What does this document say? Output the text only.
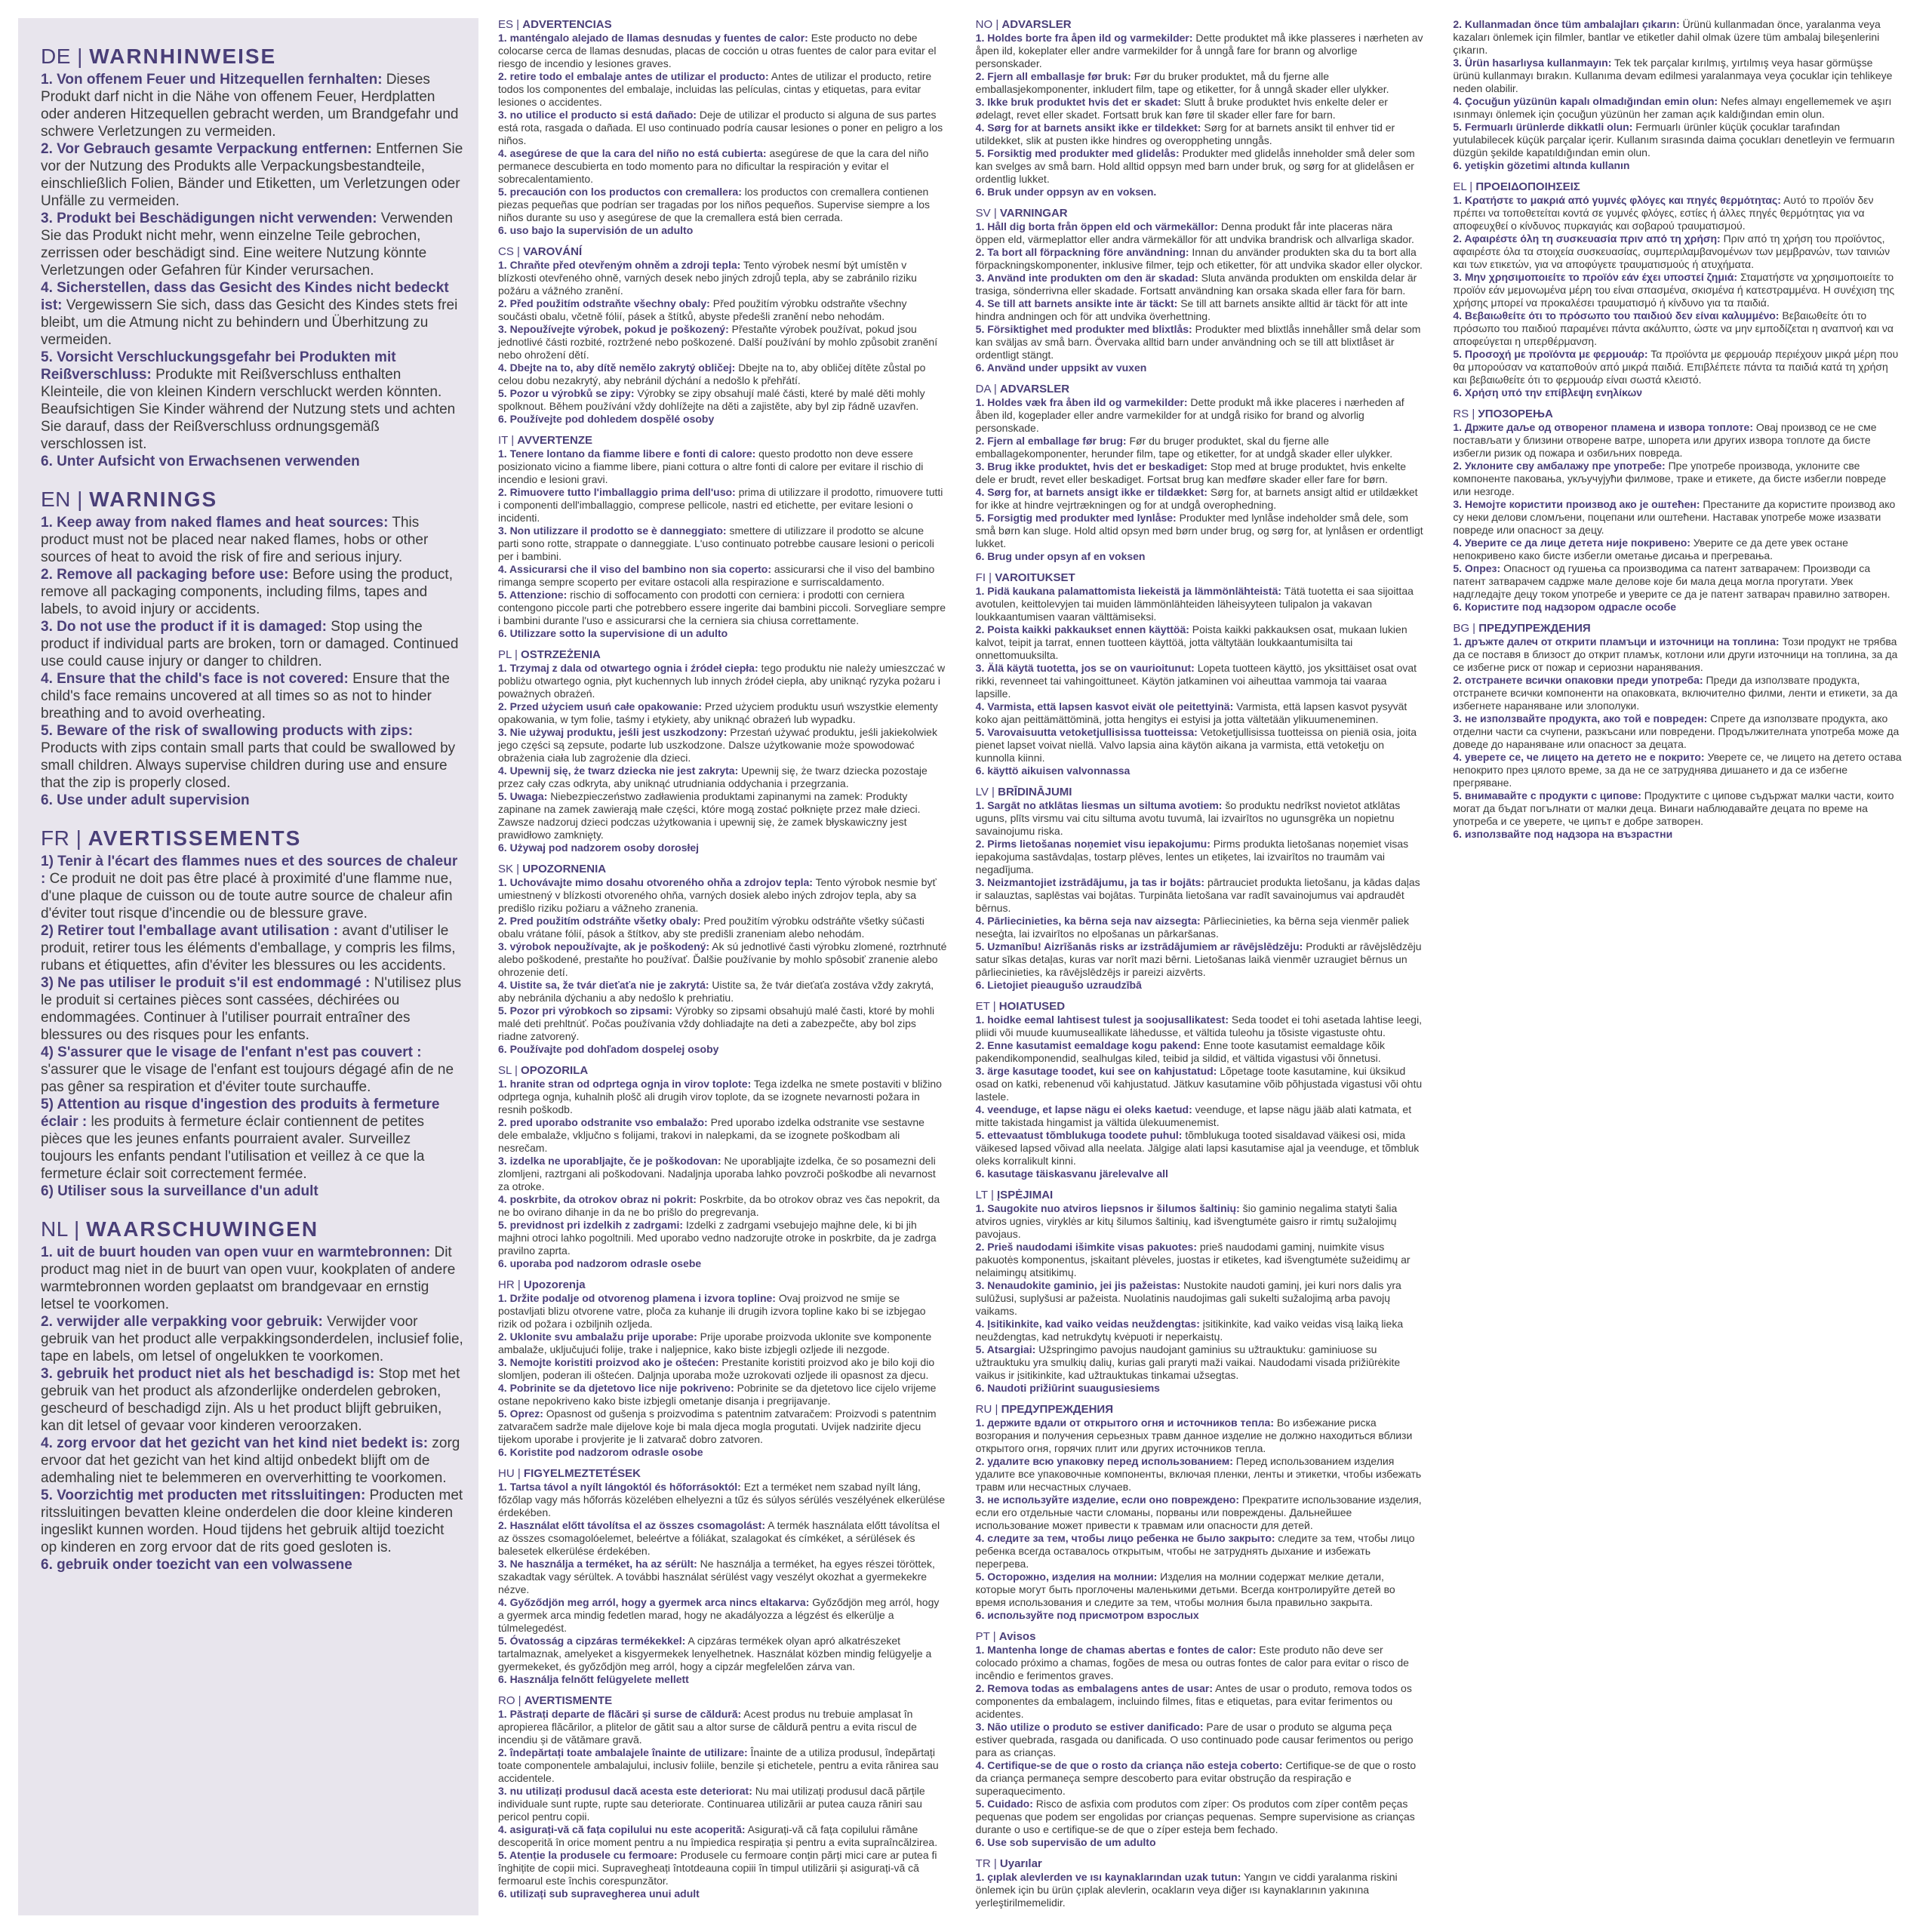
DE | WARNHINWEISE

1. Von offenem Feuer und Hitzequellen fernhalten: Dieses Produkt darf nicht in die Nähe von offenem Feuer, Herdplatten oder anderen Hitzequellen gebracht werden, um Brandgefahr und schwere Verletzungen zu vermeiden.

2. Vor Gebrauch gesamte Verpackung entfernen: Entfernen Sie vor der Nutzung des Produkts alle Verpackungsbestandteile, einschließlich Folien, Bänder und Etiketten, um Verletzungen oder Unfälle zu vermeiden.

3. Produkt bei Beschädigungen nicht verwenden: Verwenden Sie das Produkt nicht mehr, wenn einzelne Teile gebrochen, zerrissen oder beschädigt sind. Eine weitere Nutzung könnte Verletzungen oder Gefahren für Kinder verursachen.

4. Sicherstellen, dass das Gesicht des Kindes nicht bedeckt ist: Vergewissern Sie sich, dass das Gesicht des Kindes stets frei bleibt, um die Atmung nicht zu behindern und Überhitzung zu vermeiden.

5. Vorsicht Verschluckungsgefahr bei Produkten mit Reißverschluss: Produkte mit Reißverschluss enthalten Kleinteile, die von kleinen Kindern verschluckt werden könnten. Beaufsichtigen Sie Kinder während der Nutzung stets und achten Sie darauf, dass der Reißverschluss ordnungsgemäß verschlossen ist.

6. Unter Aufsicht von Erwachsenen verwenden

EN | WARNINGS

1. Keep away from naked flames and heat sources: This product must not be placed near naked flames, hobs or other sources of heat to avoid the risk of fire and serious injury.

2. Remove all packaging before use: Before using the product, remove all packaging components, including films, tapes and labels, to avoid injury or accidents.

3. Do not use the product if it is damaged: Stop using the product if individual parts are broken, torn or damaged. Continued use could cause injury or danger to children.

4. Ensure that the child's face is not covered: Ensure that the child's face remains uncovered at all times so as not to hinder breathing and to avoid overheating.

5. Beware of the risk of swallowing products with zips: Products with zips contain small parts that could be swallowed by small children. Always supervise children during use and ensure that the zip is properly closed.

6. Use under adult supervision

FR | AVERTISSEMENTS

1) Tenir à l'écart des flammes nues et des sources de chaleur : Ce produit ne doit pas être placé à proximité d'une flamme nue, d'une plaque de cuisson ou de toute autre source de chaleur afin d'éviter tout risque d'incendie ou de blessure grave.

2) Retirer tout l'emballage avant utilisation : avant d'utiliser le produit, retirer tous les éléments d'emballage, y compris les films, rubans et étiquettes, afin d'éviter les blessures ou les accidents.

3) Ne pas utiliser le produit s'il est endommagé : N'utilisez plus le produit si certaines pièces sont cassées, déchirées ou endommagées. Continuer à l'utiliser pourrait entraîner des blessures ou des risques pour les enfants.

4) S'assurer que le visage de l'enfant n'est pas couvert : s'assurer que le visage de l'enfant est toujours dégagé afin de ne pas gêner sa respiration et d'éviter toute surchauffe.

5) Attention au risque d'ingestion des produits à fermeture éclair : les produits à fermeture éclair contiennent de petites pièces que les jeunes enfants pourraient avaler. Surveillez toujours les enfants pendant l'utilisation et veillez à ce que la fermeture éclair soit correctement fermée.

6) Utiliser sous la surveillance d'un adult

NL | WAARSCHUWINGEN

1. uit de buurt houden van open vuur en warmtebronnen: Dit product mag niet in de buurt van open vuur, kookplaten of andere warmtebronnen worden geplaatst om brandgevaar en ernstig letsel te voorkomen.

2. verwijder alle verpakking voor gebruik: Verwijder voor gebruik van het product alle verpakkingsonderdelen, inclusief folie, tape en labels, om letsel of ongelukken te voorkomen.

3. gebruik het product niet als het beschadigd is: Stop met het gebruik van het product als afzonderlijke onderdelen gebroken, gescheurd of beschadigd zijn. Als u het product blijft gebruiken, kan dit letsel of gevaar voor kinderen veroorzaken.

4. zorg ervoor dat het gezicht van het kind niet bedekt is: zorg ervoor dat het gezicht van het kind altijd onbedekt blijft om de ademhaling niet te belemmeren en oververhitting te voorkomen.

5. Voorzichtig met producten met ritssluitingen: Producten met ritssluitingen bevatten kleine onderdelen die door kleine kinderen ingeslikt kunnen worden. Houd tijdens het gebruik altijd toezicht op kinderen en zorg ervoor dat de rits goed gesloten is.

6. gebruik onder toezicht van een volwassene

ES | ADVERTENCIAS

1. manténgalo alejado de llamas desnudas y fuentes de calor: Este producto no debe colocarse cerca de llamas desnudas, placas de cocción u otras fuentes de calor para evitar el riesgo de incendio y lesiones graves.

2. retire todo el embalaje antes de utilizar el producto: Antes de utilizar el producto, retire todos los componentes del embalaje, incluidas las películas, cintas y etiquetas, para evitar lesiones o accidentes.

3. no utilice el producto si está dañado: Deje de utilizar el producto si alguna de sus partes está rota, rasgada o dañada. El uso continuado podría causar lesiones o poner en peligro a los niños.

4. asegúrese de que la cara del niño no está cubierta: asegúrese de que la cara del niño permanece descubierta en todo momento para no dificultar la respiración y evitar el sobrecalentamiento.

5. precaución con los productos con cremallera: los productos con cremallera contienen piezas pequeñas que podrían ser tragadas por los niños pequeños. Supervise siempre a los niños durante su uso y asegúrese de que la cremallera está bien cerrada.

6. uso bajo la supervisión de un adulto

CS | VAROVÁNÍ

1. Chraňte před otevřeným ohněm a zdroji tepla: Tento výrobek nesmí být umístěn v blízkosti otevřeného ohně, varných desek nebo jiných zdrojů tepla, aby se zabránilo riziku požáru a vážného zranění.

2. Před použitím odstraňte všechny obaly: Před použitím výrobku odstraňte všechny součásti obalu, včetně fólií, pásek a štítků, abyste předešli zranění nebo nehodám.

3. Nepoužívejte výrobek, pokud je poškozený: Přestaňte výrobek používat, pokud jsou jednotlivé části rozbité, roztržené nebo poškozené. Další používání by mohlo způsobit zranění nebo ohrožení dětí.

4. Dbejte na to, aby dítě nemělo zakrytý obličej: Dbejte na to, aby obličej dítěte zůstal po celou dobu nezakrytý, aby nebránil dýchání a nedošlo k přehřátí.

5. Pozor u výrobků se zipy: Výrobky se zipy obsahují malé části, které by malé děti mohly spolknout. Během používání vždy dohlížejte na děti a zajistěte, aby byl zip řádně uzavřen.

6. Používejte pod dohledem dospělé osoby

IT | AVVERTENZE

1. Tenere lontano da fiamme libere e fonti di calore: questo prodotto non deve essere posizionato vicino a fiamme libere, piani cottura o altre fonti di calore per evitare il rischio di incendio e lesioni gravi.

2. Rimuovere tutto l'imballaggio prima dell'uso: prima di utilizzare il prodotto, rimuovere tutti i componenti dell'imballaggio, comprese pellicole, nastri ed etichette, per evitare lesioni o incidenti.

3. Non utilizzare il prodotto se è danneggiato: smettere di utilizzare il prodotto se alcune parti sono rotte, strappate o danneggiate. L'uso continuato potrebbe causare lesioni o pericoli per i bambini.

4. Assicurarsi che il viso del bambino non sia coperto: assicurarsi che il viso del bambino rimanga sempre scoperto per evitare ostacoli alla respirazione e surriscaldamento.

5. Attenzione: rischio di soffocamento con prodotti con cerniera: i prodotti con cerniera contengono piccole parti che potrebbero essere ingerite dai bambini piccoli. Sorvegliare sempre i bambini durante l'uso e assicurarsi che la cerniera sia chiusa correttamente.

6. Utilizzare sotto la supervisione di un adulto

PL | OSTRZEŻENIA

1. Trzymaj z dala od otwartego ognia i źródeł ciepła: tego produktu nie należy umieszczać w pobliżu otwartego ognia, płyt kuchennych lub innych źródeł ciepła, aby uniknąć ryzyka pożaru i poważnych obrażeń.

2. Przed użyciem usuń całe opakowanie: Przed użyciem produktu usuń wszystkie elementy opakowania, w tym folie, taśmy i etykiety, aby uniknąć obrażeń lub wypadku.

3. Nie używaj produktu, jeśli jest uszkodzony: Przestań używać produktu, jeśli jakiekolwiek jego części są zepsute, podarte lub uszkodzone. Dalsze użytkowanie może spowodować obrażenia ciała lub zagrożenie dla dzieci.

4. Upewnij się, że twarz dziecka nie jest zakryta: Upewnij się, że twarz dziecka pozostaje przez cały czas odkryta, aby uniknąć utrudniania oddychania i przegrzania.

5. Uwaga: Niebezpieczeństwo zadławienia produktami zapinanymi na zamek: Produkty zapinane na zamek zawierają małe części, które mogą zostać połknięte przez małe dzieci. Zawsze nadzoruj dzieci podczas użytkowania i upewnij się, że zamek błyskawiczny jest prawidłowo zamknięty.

6. Używaj pod nadzorem osoby dorosłej

SK | UPOZORNENIA

1. Uchovávajte mimo dosahu otvoreného ohňa a zdrojov tepla: Tento výrobok nesmie byť umiestnený v blízkosti otvoreného ohňa, varných dosiek alebo iných zdrojov tepla, aby sa predišlo riziku požiaru a vážneho zranenia.

2. Pred použitím odstráňte všetky obaly: Pred použitím výrobku odstráňte všetky súčasti obalu vrátane fólií, pások a štítkov, aby ste predišli zraneniam alebo nehodám.

3. výrobok nepoužívajte, ak je poškodený: Ak sú jednotlivé časti výrobku zlomené, roztrhnuté alebo poškodené, prestaňte ho používať. Ďalšie používanie by mohlo spôsobiť zranenie alebo ohrozenie detí.

4. Uistite sa, že tvár dieťaťa nie je zakrytá: Uistite sa, že tvár dieťaťa zostáva vždy zakrytá, aby nebránila dýchaniu a aby nedošlo k prehriatiu.

5. Pozor pri výrobkoch so zipsami: Výrobky so zipsami obsahujú malé časti, ktoré by mohli malé deti prehltnúť. Počas používania vždy dohliadajte na deti a zabezpečte, aby bol zips riadne zatvorený.

6. Používajte pod dohľadom dospelej osoby

SL | OPOZORILA

1. hranite stran od odprtega ognja in virov toplote: Tega izdelka ne smete postaviti v bližino odprtega ognja, kuhalnih plošč ali drugih virov toplote, da se izognete nevarnosti požara in resnih poškodb.

2. pred uporabo odstranite vso embalažo: Pred uporabo izdelka odstranite vse sestavne dele embalaže, vključno s folijami, trakovi in nalepkami, da se izognete poškodbam ali nesrečam.

3. izdelka ne uporabljajte, če je poškodovan: Ne uporabljajte izdelka, če so posamezni deli zlomljeni, raztrgani ali poškodovani. Nadaljnja uporaba lahko povzroči poškodbe ali nevarnost za otroke.

4. poskrbite, da otrokov obraz ni pokrit: Poskrbite, da bo otrokov obraz ves čas nepokrit, da ne bo ovirano dihanje in da ne bo prišlo do pregrevanja.

5. previdnost pri izdelkih z zadrgami: Izdelki z zadrgami vsebujejo majhne dele, ki bi jih majhni otroci lahko pogoltnili. Med uporabo vedno nadzorujte otroke in poskrbite, da je zadrga pravilno zaprta.

6. uporaba pod nadzorom odrasle osebe

HR | Upozorenja

1. Držite podalje od otvorenog plamena i izvora topline: Ovaj proizvod ne smije se postavljati blizu otvorene vatre, ploča za kuhanje ili drugih izvora topline kako bi se izbjegao rizik od požara i ozbiljnih ozljeda.

2. Uklonite svu ambalažu prije uporabe: Prije uporabe proizvoda uklonite sve komponente ambalaže, uključujući folije, trake i naljepnice, kako biste izbjegli ozljede ili nezgode.

3. Nemojte koristiti proizvod ako je oštećen: Prestanite koristiti proizvod ako je bilo koji dio slomljen, poderan ili oštećen. Daljnja uporaba može uzrokovati ozljede ili opasnost za djecu.

4. Pobrinite se da djetetovo lice nije pokriveno: Pobrinite se da djetetovo lice cijelo vrijeme ostane nepokriveno kako biste izbjegli ometanje disanja i pregrijavanje.

5. Oprez: Opasnost od gušenja s proizvodima s patentnim zatvaračem: Proizvodi s patentnim zatvaračem sadrže male dijelove koje bi mala djeca mogla progutati. Uvijek nadzirite djecu tijekom uporabe i provjerite je li zatvarač dobro zatvoren.

6. Koristite pod nadzorom odrasle osobe

HU | FIGYELMEZTETÉSEK

1. Tartsa távol a nyílt lángoktól és hőforrásoktól: Ezt a terméket nem szabad nyílt láng, főzőlap vagy más hőforrás közelében elhelyezni a tűz és súlyos sérülés veszélyének elkerülése érdekében.

2. Használat előtt távolítsa el az összes csomagolást: A termék használata előtt távolítsa el az összes csomagolóelemet, beleértve a fóliákat, szalagokat és címkéket, a sérülések és balesetek elkerülése érdekében.

3. Ne használja a terméket, ha az sérült: Ne használja a terméket, ha egyes részei töröttek, szakadtak vagy sérültek. A további használat sérülést vagy veszélyt okozhat a gyermekekre nézve.

4. Győződjön meg arról, hogy a gyermek arca nincs eltakarva: Győződjön meg arról, hogy a gyermek arca mindig fedetlen marad, hogy ne akadályozza a légzést és elkerülje a túlmelegedést.

5. Óvatosság a cipzáras termékekkel: A cipzáras termékek olyan apró alkatrészeket tartalmaznak, amelyeket a kisgyermekek lenyelhetnek. Használat közben mindig felügyelje a gyermekeket, és győződjön meg arról, hogy a cipzár megfelelően zárva van.

6. Használja felnőtt felügyelete mellett

RO | AVERTISMENTE

1. Păstrați departe de flăcări și surse de căldură: Acest produs nu trebuie amplasat în apropierea flăcărilor, a plitelor de gătit sau a altor surse de căldură pentru a evita riscul de incendiu și de vătămare gravă.

2. îndepărtați toate ambalajele înainte de utilizare: Înainte de a utiliza produsul, îndepărtați toate componentele ambalajului, inclusiv foliile, benzile și etichetele, pentru a evita rănirea sau accidentele.

3. nu utilizați produsul dacă acesta este deteriorat: Nu mai utilizați produsul dacă părțile individuale sunt rupte, rupte sau deteriorate. Continuarea utilizării ar putea cauza răniri sau pericol pentru copii.

4. asigurați-vă că fața copilului nu este acoperită: Asigurați-vă că fața copilului rămâne descoperită în orice moment pentru a nu împiedica respirația și pentru a evita supraîncălzirea.

5. Atenție la produsele cu fermoare: Produsele cu fermoare conțin părți mici care ar putea fi înghițite de copii mici. Supravegheați întotdeauna copiii în timpul utilizării și asigurați-vă că fermoarul este închis corespunzător.

6. utilizați sub supravegherea unui adult

NO | ADVARSLER

1. Holdes borte fra åpen ild og varmekilder: Dette produktet må ikke plasseres i nærheten av åpen ild, kokeplater eller andre varmekilder for å unngå fare for brann og alvorlige personskader.

2. Fjern all emballasje før bruk: Før du bruker produktet, må du fjerne alle emballasjekomponenter, inkludert film, tape og etiketter, for å unngå skader eller ulykker.

3. Ikke bruk produktet hvis det er skadet: Slutt å bruke produktet hvis enkelte deler er ødelagt, revet eller skadet. Fortsatt bruk kan føre til skader eller fare for barn.

4. Sørg for at barnets ansikt ikke er tildekket: Sørg for at barnets ansikt til enhver tid er utildekket, slik at pusten ikke hindres og overoppheting unngås.

5. Forsiktig med produkter med glidelås: Produkter med glidelås inneholder små deler som kan svelges av små barn. Hold alltid oppsyn med barn under bruk, og sørg for at glidelåsen er ordentlig lukket.

6. Bruk under oppsyn av en voksen.

SV | VARNINGAR

1. Håll dig borta från öppen eld och värmekällor: Denna produkt får inte placeras nära öppen eld, värmeplattor eller andra värmekällor för att undvika brandrisk och allvarliga skador.

2. Ta bort all förpackning före användning: Innan du använder produkten ska du ta bort alla förpackningskomponenter, inklusive filmer, tejp och etiketter, för att undvika skador eller olyckor.

3. Använd inte produkten om den är skadad: Sluta använda produkten om enskilda delar är trasiga, sönderrivna eller skadade. Fortsatt användning kan orsaka skada eller fara för barn.

4. Se till att barnets ansikte inte är täckt: Se till att barnets ansikte alltid är täckt för att inte hindra andningen och för att undvika överhettning.

5. Försiktighet med produkter med blixtlås: Produkter med blixtlås innehåller små delar som kan sväljas av små barn. Övervaka alltid barn under användning och se till att blixtlåset är ordentligt stängt.

6. Använd under uppsikt av vuxen

DA | ADVARSLER

1. Holdes væk fra åben ild og varmekilder: Dette produkt må ikke placeres i nærheden af åben ild, kogeplader eller andre varmekilder for at undgå risiko for brand og alvorlig personskade.

2. Fjern al emballage før brug: Før du bruger produktet, skal du fjerne alle emballagekomponenter, herunder film, tape og etiketter, for at undgå skader eller ulykker.

3. Brug ikke produktet, hvis det er beskadiget: Stop med at bruge produktet, hvis enkelte dele er brudt, revet eller beskadiget. Fortsat brug kan medføre skader eller fare for børn.

4. Sørg for, at barnets ansigt ikke er tildækket: Sørg for, at barnets ansigt altid er utildækket for ikke at hindre vejrtrækningen og for at undgå overophedning.

5. Forsigtig med produkter med lynlåse: Produkter med lynlåse indeholder små dele, som små børn kan sluge. Hold altid opsyn med børn under brug, og sørg for, at lynlåsen er ordentligt lukket.

6. Brug under opsyn af en voksen

FI | VAROITUKSET

1. Pidä kaukana palamattomista liekeistä ja lämmönlähteistä: Tätä tuotetta ei saa sijoittaa avotulen, keittolevyjen tai muiden lämmönlähteiden läheisyyteen tulipalon ja vakavan loukkaantumisen vaaran välttämiseksi.

2. Poista kaikki pakkaukset ennen käyttöä: Poista kaikki pakkauksen osat, mukaan lukien kalvot, teipit ja tarrat, ennen tuotteen käyttöä, jotta vältytään loukkaantumisilta tai onnettomuuksilta.

3. Älä käytä tuotetta, jos se on vaurioitunut: Lopeta tuotteen käyttö, jos yksittäiset osat ovat rikki, revenneet tai vahingoittuneet. Käytön jatkaminen voi aiheuttaa vammoja tai vaaraa lapsille.

4. Varmista, että lapsen kasvot eivät ole peitettyinä: Varmista, että lapsen kasvot pysyvät koko ajan peittämättöminä, jotta hengitys ei estyisi ja jotta vältetään ylikuumeneminen.

5. Varovaisuutta vetoketjullisissa tuotteissa: Vetoketjullisissa tuotteissa on pieniä osia, joita pienet lapset voivat niellä. Valvo lapsia aina käytön aikana ja varmista, että vetoketju on kunnolla kiinni.

6. käyttö aikuisen valvonnassa

LV | BRĪDINĀJUMI

1. Sargāt no atklātas liesmas un siltuma avotiem: šo produktu nedrīkst novietot atklātas uguns, plīts virsmu vai citu siltuma avotu tuvumā, lai izvairītos no ugunsgrēka un nopietnu savainojumu riska.

2. Pirms lietošanas noņemiet visu iepakojumu: Pirms produkta lietošanas noņemiet visas iepakojuma sastāvdaļas, tostarp plēves, lentes un etiķetes, lai izvairītos no traumām vai negadījuma.

3. Neizmantojiet izstrādājumu, ja tas ir bojāts: pārtrauciet produkta lietošanu, ja kādas daļas ir salauztas, saplēstas vai bojātas. Turpināta lietošana var radīt savainojumus vai apdraudēt bērnus.

4. Pārliecinieties, ka bērna seja nav aizsegta: Pārliecinieties, ka bērna seja vienmēr paliek neseģta, lai izvairītos no elpošanas un pārkaršanas.

5. Uzmanību! Aizrīšanās risks ar izstrādājumiem ar rāvējslēdzēju: Produkti ar rāvējslēdzēju satur sīkas detaļas, kuras var norīt mazi bērni. Lietošanas laikā vienmēr uzraugiet bērnus un pārliecinieties, ka rāvējslēdzējs ir pareizi aizvērts.

6. Lietojiet pieaugušo uzraudzībā

ET | HOIATUSED

1. hoidke eemal lahtisest tulest ja soojusallikatest: Seda toodet ei tohi asetada lahtise leegi, pliidi või muude kuumuseallikate lähedusse, et vältida tuleohu ja tõsiste vigastuste ohtu.

2. Enne kasutamist eemaldage kogu pakend: Enne toote kasutamist eemaldage kõik pakendikomponendid, sealhulgas kiled, teibid ja sildid, et vältida vigastusi või õnnetusi.

3. ärge kasutage toodet, kui see on kahjustatud: Lõpetage toote kasutamine, kui üksikud osad on katki, rebenenud või kahjustatud. Jätkuv kasutamine võib põhjustada vigastusi või ohtu lastele.

4. veenduge, et lapse nägu ei oleks kaetud: veenduge, et lapse nägu jääb alati katmata, et mitte takistada hingamist ja vältida ülekuumenemist.

5. ettevaatust tõmblukuga toodete puhul: tõmblukuga tooted sisaldavad väikesi osi, mida väikesed lapsed võivad alla neelata. Jälgige alati lapsi kasutamise ajal ja veenduge, et tõmbluk oleks korralikult kinni.

6. kasutage täiskasvanu järelevalve all

LT | ĮSPĖJIMAI

1. Saugokite nuo atviros liepsnos ir šilumos šaltinių: šio gaminio negalima statyti šalia atviros ugnies, viryklės ar kitų šilumos šaltinių, kad išvengtumėte gaisro ir rimtų sužalojimų pavojaus.

2. Prieš naudodami išimkite visas pakuotes: prieš naudodami gaminį, nuimkite visus pakuotės komponentus, įskaitant plėveles, juostas ir etiketes, kad išvengtumėte sužeidimų ar nelaimingų atsitikimų.

3. Nenaudokite gaminio, jei jis pažeistas: Nustokite naudoti gaminį, jei kuri nors dalis yra sulūžusi, suplyšusi ar pažeista. Nuolatinis naudojimas gali sukelti sužalojimą arba pavojų vaikams.

4. Įsitikinkite, kad vaiko veidas neuždengtas: įsitikinkite, kad vaiko veidas visą laiką lieka neuždengtas, kad netrukdytų kvėpuoti ir neperkaistų.

5. Atsargiai: Užspringimo pavojus naudojant gaminius su užtrauktuku: gaminiuose su užtrauktuku yra smulkių dalių, kurias gali praryti maži vaikai. Naudodami visada prižiūrėkite vaikus ir įsitikinkite, kad užtrauktukas tinkamai užsegtas.

6. Naudoti prižiūrint suaugusiesiems

RU | ПРЕДУПРЕЖДЕНИЯ

1. держите вдали от открытого огня и источников тепла: Во избежание риска возгорания и получения серьезных травм данное изделие не должно находиться вблизи открытого огня, горячих плит или других источников тепла.

2. удалите всю упаковку перед использованием: Перед использованием изделия удалите все упаковочные компоненты, включая пленки, ленты и этикетки, чтобы избежать травм или несчастных случаев.

3. не используйте изделие, если оно повреждено: Прекратите использование изделия, если его отдельные части сломаны, порваны или повреждены. Дальнейшее использование может привести к травмам или опасности для детей.

4. следите за тем, чтобы лицо ребенка не было закрыто: следите за тем, чтобы лицо ребенка всегда оставалось открытым, чтобы не затруднять дыхание и избежать перегрева.

5. Осторожно, изделия на молнии: Изделия на молнии содержат мелкие детали, которые могут быть проглочены маленькими детьми. Всегда контролируйте детей во время использования и следите за тем, чтобы молния была правильно закрыта.

6. используйте под присмотром взрослых

PT | Avisos

1. Mantenha longe de chamas abertas e fontes de calor: Este produto não deve ser colocado próximo a chamas, fogões de mesa ou outras fontes de calor para evitar o risco de incêndio e ferimentos graves.

2. Remova todas as embalagens antes de usar: Antes de usar o produto, remova todos os componentes da embalagem, incluindo filmes, fitas e etiquetas, para evitar ferimentos ou acidentes.

3. Não utilize o produto se estiver danificado: Pare de usar o produto se alguma peça estiver quebrada, rasgada ou danificada. O uso continuado pode causar ferimentos ou perigo para as crianças.

4. Certifique-se de que o rosto da criança não esteja coberto: Certifique-se de que o rosto da criança permaneça sempre descoberto para evitar obstrução da respiração e superaquecimento.

5. Cuidado: Risco de asfixia com produtos com zíper: Os produtos com zíper contêm peças pequenas que podem ser engolidas por crianças pequenas. Sempre supervisione as crianças durante o uso e certifique-se de que o zíper esteja bem fechado.

6. Use sob supervisão de um adulto

TR | Uyarılar

1. çıplak alevlerden ve ısı kaynaklarından uzak tutun: Yangın ve ciddi yaralanma riskini önlemek için bu ürün çıplak alevlerin, ocakların veya diğer ısı kaynaklarının yakınına yerleştirilmemelidir.

2. Kullanmadan önce tüm ambalajları çıkarın: Ürünü kullanmadan önce, yaralanma veya kazaları önlemek için filmler, bantlar ve etiketler dahil olmak üzere tüm ambalaj bileşenlerini çıkarın.

3. Ürün hasarlıysa kullanmayın: Tek tek parçalar kırılmış, yırtılmış veya hasar görmüşse ürünü kullanmayı bırakın. Kullanıma devam edilmesi yaralanmaya veya çocuklar için tehlikeye neden olabilir.

4. Çocuğun yüzünün kapalı olmadığından emin olun: Nefes almayı engellememek ve aşırı ısınmayı önlemek için çocuğun yüzünün her zaman açık kaldığından emin olun.

5. Fermuarlı ürünlerde dikkatli olun: Fermuarlı ürünler küçük çocuklar tarafından yutulabilecek küçük parçalar içerir. Kullanım sırasında daima çocukları denetleyin ve fermuarın düzgün şekilde kapatıldığından emin olun.

6. yetişkin gözetimi altında kullanın

EL | ΠΡΟΕΙΔΟΠΟΙΗΣΕΙΣ

1. Κρατήστε το μακριά από γυμνές φλόγες και πηγές θερμότητας: Αυτό το προϊόν δεν πρέπει να τοποθετείται κοντά σε γυμνές φλόγες, εστίες ή άλλες πηγές θερμότητας για να αποφευχθεί ο κίνδυνος πυρκαγιάς και σοβαρού τραυματισμού.

2. Αφαιρέστε όλη τη συσκευασία πριν από τη χρήση: Πριν από τη χρήση του προϊόντος, αφαιρέστε όλα τα στοιχεία συσκευασίας, συμπεριλαμβανομένων των μεμβρανών, των ταινιών και των ετικετών, για να αποφύγετε τραυματισμούς ή ατυχήματα.

3. Μην χρησιμοποιείτε το προϊόν εάν έχει υποστεί ζημιά: Σταματήστε να χρησιμοποιείτε το προϊόν εάν μεμονωμένα μέρη του είναι σπασμένα, σκισμένα ή κατεστραμμένα. Η συνέχιση της χρήσης μπορεί να προκαλέσει τραυματισμό ή κίνδυνο για τα παιδιά.

4. Βεβαιωθείτε ότι το πρόσωπο του παιδιού δεν είναι καλυμμένο: Βεβαιωθείτε ότι το πρόσωπο του παιδιού παραμένει πάντα ακάλυπτο, ώστε να μην εμποδίζεται η αναπνοή και να αποφεύγεται η υπερθέρμανση.

5. Προσοχή με προϊόντα με φερμουάρ: Τα προϊόντα με φερμουάρ περιέχουν μικρά μέρη που θα μπορούσαν να καταποθούν από μικρά παιδιά. Επιβλέπετε πάντα τα παιδιά κατά τη χρήση και βεβαιωθείτε ότι το φερμουάρ είναι σωστά κλειστό.

6. Χρήση υπό την επίβλεψη ενηλίκων

RS | УПОЗОРЕЊА

1. Држите даље од отвореног пламена и извора топлоте: Овај производ се не сме постављати у близини отворене ватре, шпорета или других извора топлоте да бисте избегли ризик од пожара и озбиљних повреда.

2. Уклоните сву амбалажу пре употребе: Пре употребе производа, уклоните све компоненте паковања, укључујући филмове, траке и етикете, да бисте избегли повреде или незгоде.

3. Немојте користити производ ако је оштећен: Престаните да користите производ ако су неки делови сломљени, поцепани или оштећени. Наставак употребе може изазвати повреде или опасност за децу.

4. Уверите се да лице детета није покривено: Уверите се да дете увек остане непокривено како бисте избегли ометање дисања и прегревања.

5. Опрез: Опасност од гушења са производима са патент затварачем: Производи са патент затварачем садрже мале делове које би мала деца могла прогутати. Увек надгледајте децу током употребе и уверите се да је патент затварач правилно затворен.

6. Користите под надзором одрасле особе

BG | ПРЕДУПРЕЖДЕНИЯ

1. дръжте далеч от открити пламъци и източници на топлина: Този продукт не трябва да се поставя в близост до открит пламък, котлони или други източници на топлина, за да се избегне риск от пожар и сериозни наранявания.

2. отстранете всички опаковки преди употреба: Преди да използвате продукта, отстранете всички компоненти на опаковката, включително филми, ленти и етикети, за да избегнете нараняване или злополуки.

3. не използвайте продукта, ако той е повреден: Спрете да използвате продукта, ако отделни части са счупени, разкъсани или повредени. Продължителната употреба може да доведе до нараняване или опасност за децата.

4. уверете се, че лицето на детето не е покрито: Уверете се, че лицето на детето остава непокрито през цялото време, за да не се затруднява дишането и да се избегне прегряване.

5. внимавайте с продукти с ципове: Продуктите с ципове съдържат малки части, които могат да бъдат погълнати от малки деца. Винаги наблюдавайте децата по време на употреба и се уверете, че ципът е добре затворен.

6. използвайте под надзора на възрастни
